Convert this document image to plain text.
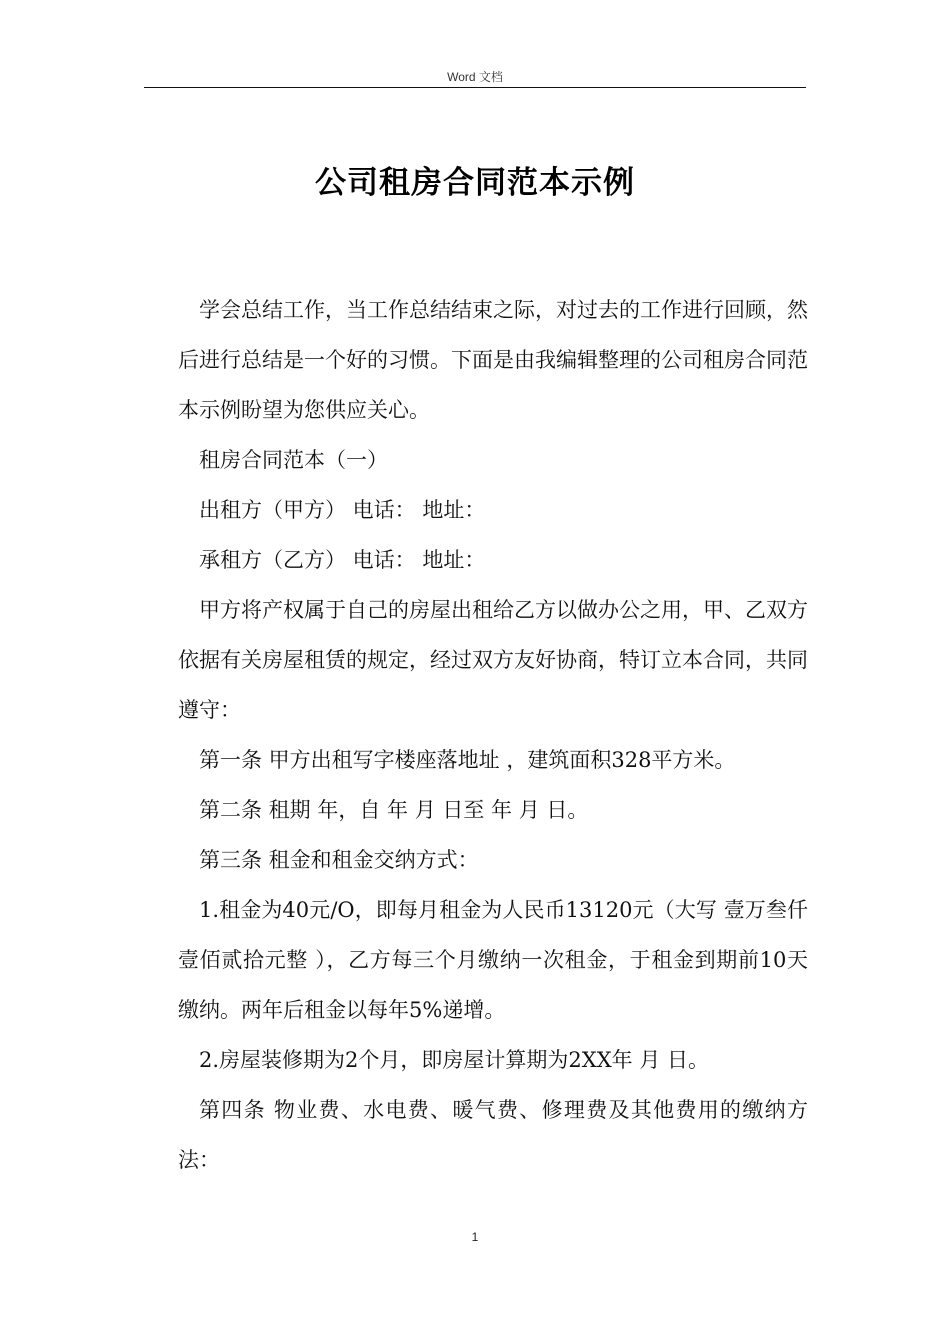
Word 文档
公司租房合同范本示例

学会总结工作，当工作总结结束之际，对过去的工作进行回顾，然后进行总结是一个好的习惯。下面是由我编辑整理的公司租房合同范本示例盼望为您供应关心。

租房合同范本（一）

出租方（甲方） 电话： 地址：

承租方（乙方） 电话： 地址：

甲方将产权属于自己的房屋出租给乙方以做办公之用，甲、乙双方依据有关房屋租赁的规定，经过双方友好协商，特订立本合同，共同遵守：

第一条 甲方出租写字楼座落地址 ，建筑面积328平方米。

第二条 租期 年，自 年 月 日至 年 月 日。

第三条 租金和租金交纳方式：

1.租金为40元/O，即每月租金为人民币13120元（大写 壹万叁仟壹佰贰拾元整 ），乙方每三个月缴纳一次租金，于租金到期前10天缴纳。两年后租金以每年5%递增。

2.房屋装修期为2个月，即房屋计算期为2XX年 月 日。

第四条 物业费、水电费、暖气费、修理费及其他费用的缴纳方法：

1
